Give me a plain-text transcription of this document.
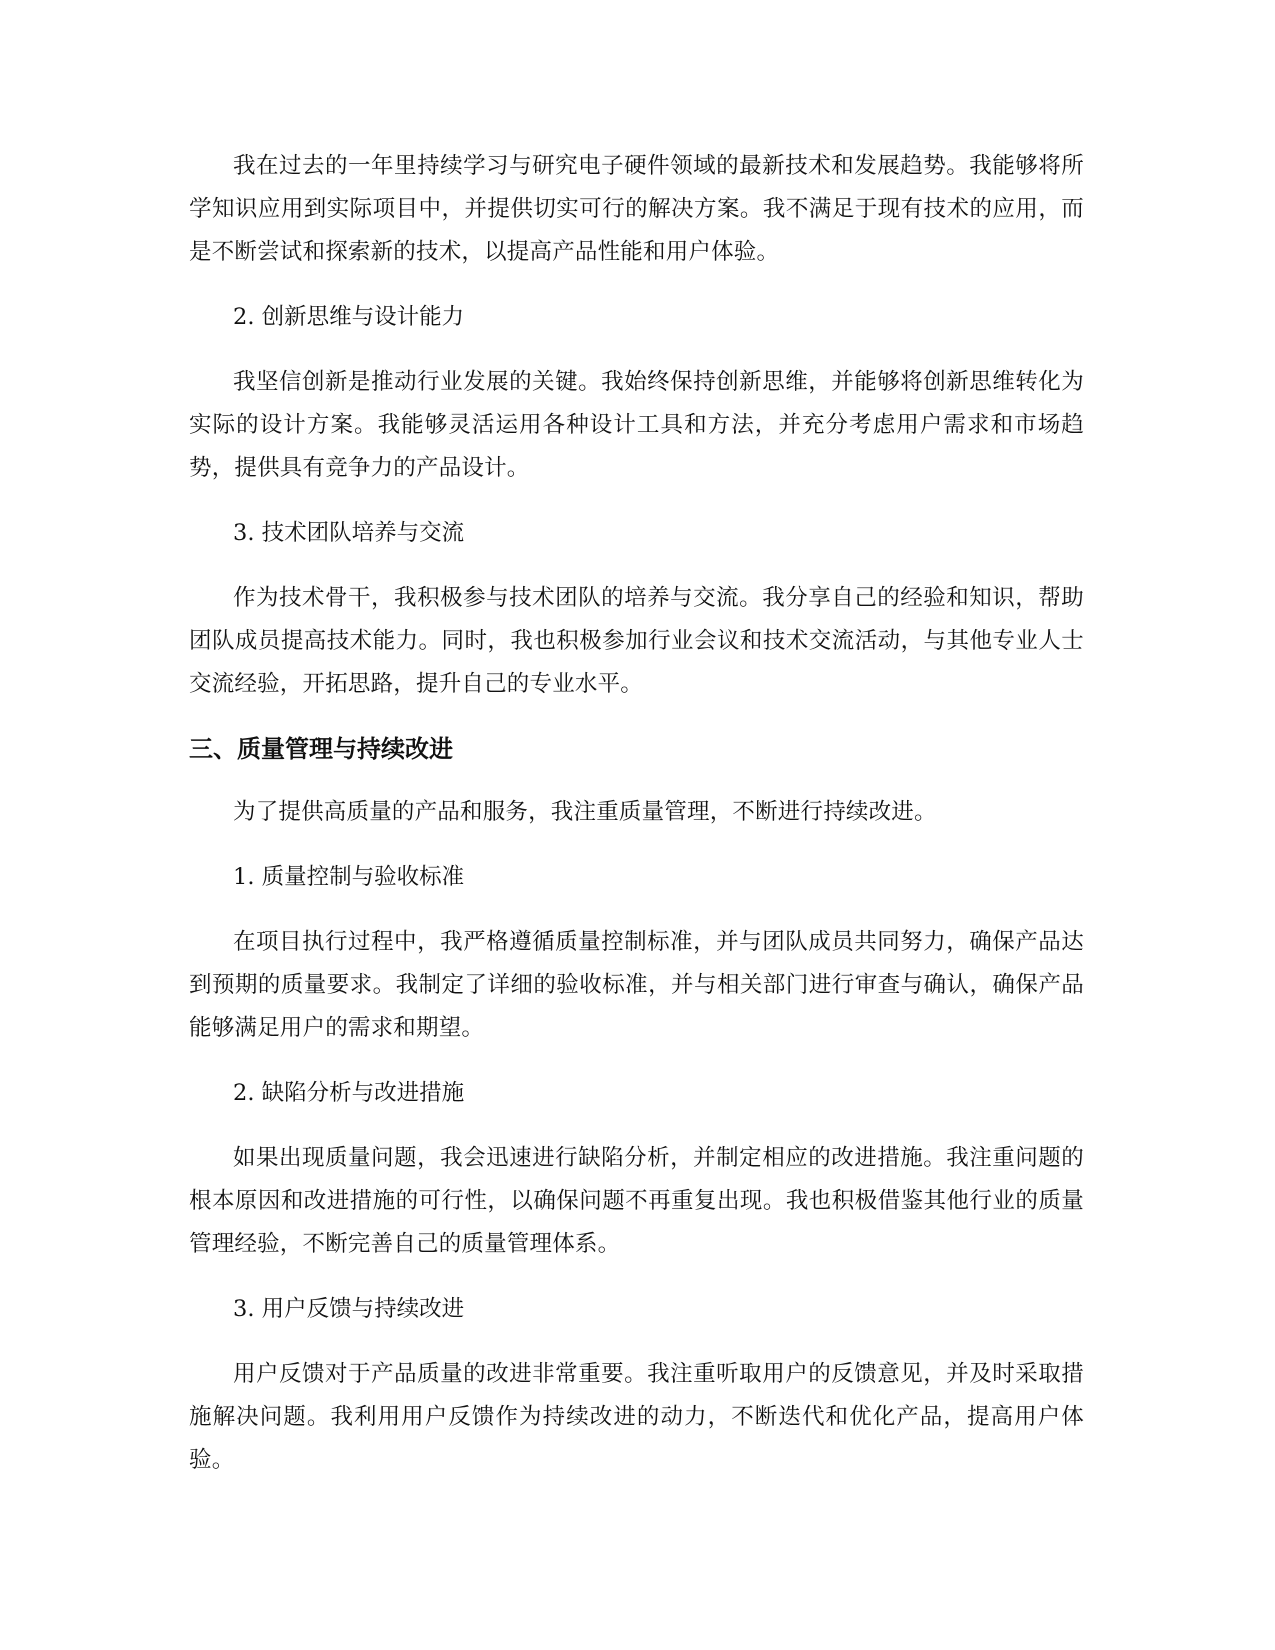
我在过去的一年里持续学习与研究电子硬件领域的最新技术和发展趋势。我能够将所学知识应用到实际项目中，并提供切实可行的解决方案。我不满足于现有技术的应用，而是不断尝试和探索新的技术，以提高产品性能和用户体验。

2. 创新思维与设计能力

我坚信创新是推动行业发展的关键。我始终保持创新思维，并能够将创新思维转化为实际的设计方案。我能够灵活运用各种设计工具和方法，并充分考虑用户需求和市场趋势，提供具有竞争力的产品设计。

3. 技术团队培养与交流

作为技术骨干，我积极参与技术团队的培养与交流。我分享自己的经验和知识，帮助团队成员提高技术能力。同时，我也积极参加行业会议和技术交流活动，与其他专业人士交流经验，开拓思路，提升自己的专业水平。

三、质量管理与持续改进

为了提供高质量的产品和服务，我注重质量管理，不断进行持续改进。

1. 质量控制与验收标准

在项目执行过程中，我严格遵循质量控制标准，并与团队成员共同努力，确保产品达到预期的质量要求。我制定了详细的验收标准，并与相关部门进行审查与确认，确保产品能够满足用户的需求和期望。

2. 缺陷分析与改进措施

如果出现质量问题，我会迅速进行缺陷分析，并制定相应的改进措施。我注重问题的根本原因和改进措施的可行性，以确保问题不再重复出现。我也积极借鉴其他行业的质量管理经验，不断完善自己的质量管理体系。

3. 用户反馈与持续改进

用户反馈对于产品质量的改进非常重要。我注重听取用户的反馈意见，并及时采取措施解决问题。我利用用户反馈作为持续改进的动力，不断迭代和优化产品，提高用户体验。
